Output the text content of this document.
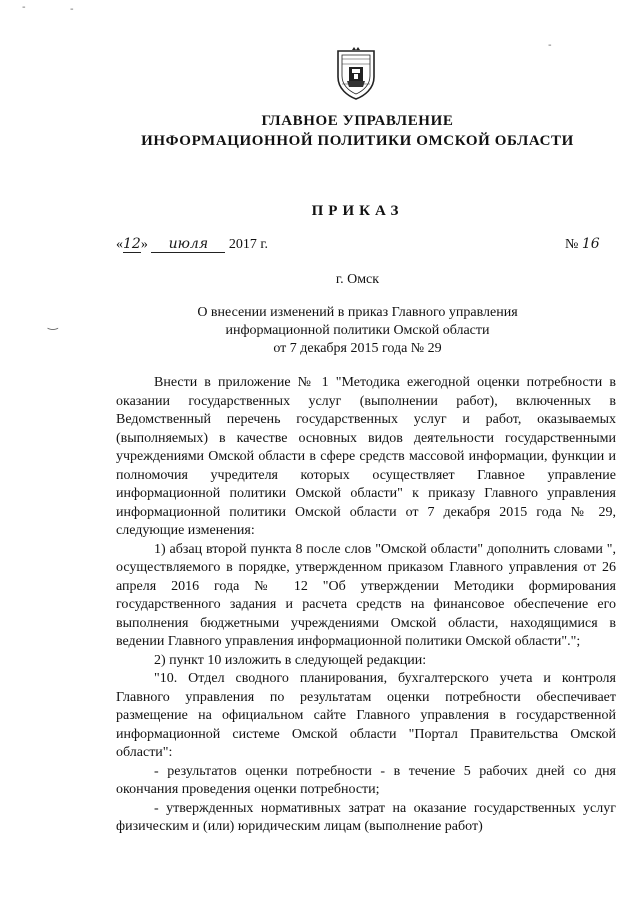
-	-
-
‿
ГЛАВНОЕ УПРАВЛЕНИЕ
ИНФОРМАЦИОННОЙ ПОЛИТИКИ ОМСКОЙ ОБЛАСТИ
ПРИКАЗ
«12» июля 2017 г.	№ 16
г. Омск
О внесении изменений в приказ Главного управления
информационной политики Омской области
от 7 декабря 2015 года № 29

Внести в приложение № 1 "Методика ежегодной оценки потребности в оказании государственных услуг (выполнении работ), включенных в Ведомственный перечень государственных услуг и работ, оказываемых (выполняемых) в качестве основных видов деятельности государственными учреждениями Омской области в сфере средств массовой информации, функции и полномочия учредителя которых осуществляет Главное управление информационной политики Омской области" к приказу Главного управления информационной политики Омской области от 7 декабря 2015 года № 29, следующие изменения:

1) абзац второй пункта 8 после слов "Омской области" дополнить словами ", осуществляемого в порядке, утвержденном приказом Главного управления от 26 апреля 2016 года № 12 "Об утверждении Методики формирования государственного задания и расчета средств на финансовое обеспечение его выполнения бюджетными учреждениями Омской области, находящимися в ведении Главного управления информационной политики Омской области".";

2) пункт 10 изложить в следующей редакции:

"10. Отдел сводного планирования, бухгалтерского учета и контроля Главного управления по результатам оценки потребности обеспечивает размещение на официальном сайте Главного управления в государственной информационной системе Омской области "Портал Правительства Омской области":

- результатов оценки потребности - в течение 5 рабочих дней со дня окончания проведения оценки потребности;

- утвержденных нормативных затрат на оказание государственных услуг физическим и (или) юридическим лицам (выполнение работ)
